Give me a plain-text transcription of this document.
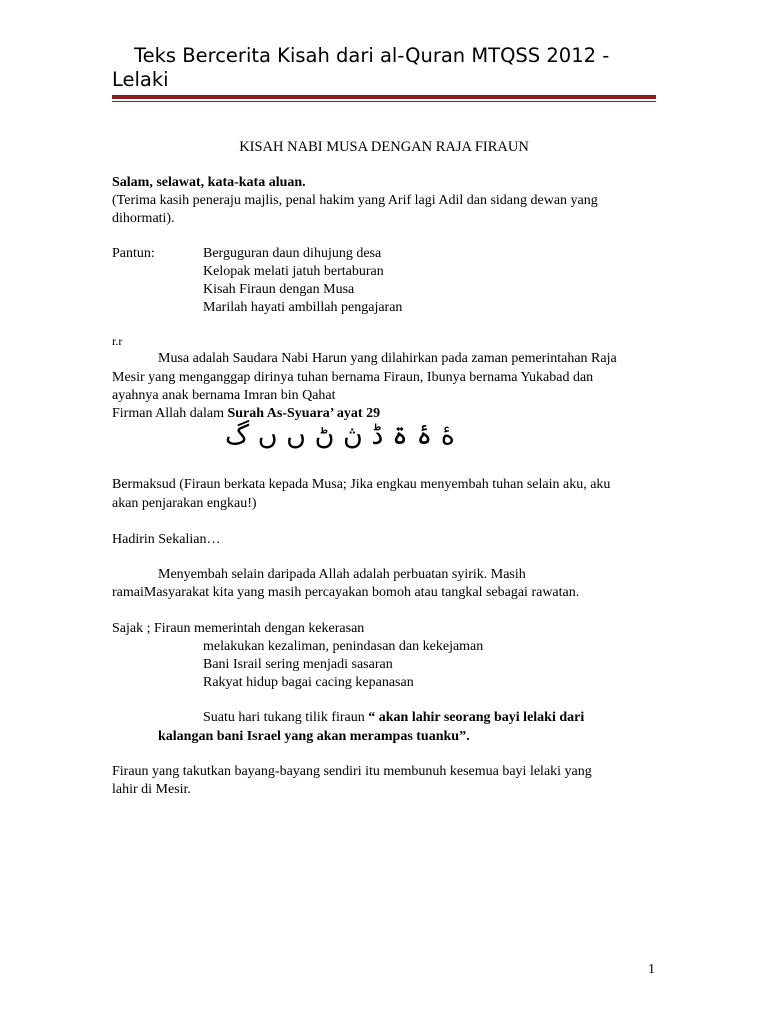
Teks Bercerita Kisah dari al-Quran MTQSS 2012 -
Lelaki
KISAH NABI MUSA DENGAN RAJA FIRAUN
Salam, selawat, kata-kata aluan.
(Terima kasih peneraju majlis, penal hakim yang Arif lagi Adil dan sidang dewan yang
dihormati).
Pantun:	Berguguran daun dihujung desa
Kelopak melati jatuh bertaburan
Kisah Firaun dengan Musa
Marilah hayati ambillah pengajaran
r.r
Musa adalah Saudara Nabi Harun yang dilahirkan pada zaman pemerintahan Raja
Mesir yang menganggap dirinya tuhan bernama Firaun, Ibunya bernama Yukabad dan
ayahnya anak bernama Imran bin Qahat
Firman Allah dalam Surah As-Syuara’ ayat 29
ۀ ۂ ۃ ڈ ڽ ڻ ں ں گ
Bermaksud (Firaun berkata kepada Musa; Jika engkau menyembah tuhan selain aku, aku
akan penjarakan engkau!)
Hadirin Sekalian…
Menyembah selain daripada Allah adalah perbuatan syirik. Masih
ramaiMasyarakat kita yang masih percayakan bomoh atau tangkal sebagai rawatan.
Sajak ; Firaun memerintah dengan kekerasan
melakukan kezaliman, penindasan dan kekejaman
Bani Israil sering menjadi sasaran
Rakyat hidup bagai cacing kepanasan
Suatu hari tukang tilik firaun “ akan lahir seorang bayi lelaki dari
kalangan bani Israel yang akan merampas tuanku”.
Firaun yang takutkan bayang-bayang sendiri itu membunuh kesemua bayi lelaki yang
lahir di Mesir.
1
